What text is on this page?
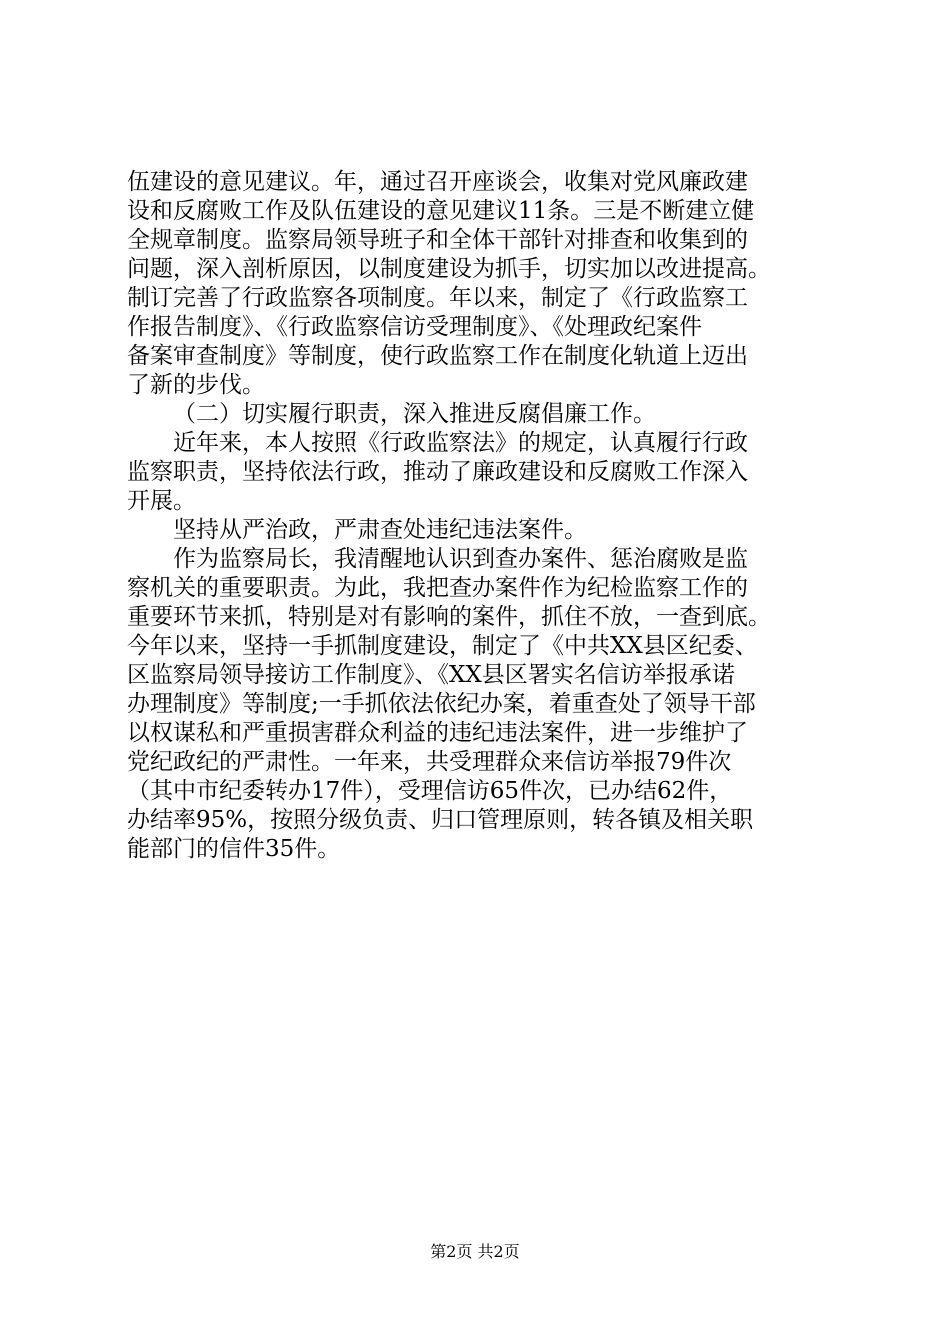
伍建设的意见建议。年，通过召开座谈会，收集对党风廉政建
设和反腐败工作及队伍建设的意见建议11条。三是不断建立健
全规章制度。监察局领导班子和全体干部针对排查和收集到的
问题，深入剖析原因，以制度建设为抓手，切实加以改进提高。
制订完善了行政监察各项制度。年以来，制定了《行政监察工
作报告制度》、《行政监察信访受理制度》、《处理政纪案件
备案审查制度》等制度，使行政监察工作在制度化轨道上迈出
了新的步伐。
（二）切实履行职责，深入推进反腐倡廉工作。
近年来，本人按照《行政监察法》的规定，认真履行行政
监察职责，坚持依法行政，推动了廉政建设和反腐败工作深入
开展。
坚持从严治政，严肃查处违纪违法案件。
作为监察局长，我清醒地认识到查办案件、惩治腐败是监
察机关的重要职责。为此，我把查办案件作为纪检监察工作的
重要环节来抓，特别是对有影响的案件，抓住不放，一查到底。
今年以来，坚持一手抓制度建设，制定了《中共XX县区纪委、
区监察局领导接访工作制度》、《XX县区署实名信访举报承诺
办理制度》等制度;一手抓依法依纪办案，着重查处了领导干部
以权谋私和严重损害群众利益的违纪违法案件，进一步维护了
党纪政纪的严肃性。一年来，共受理群众来信访举报79件次
（其中市纪委转办17件），受理信访65件次，已办结62件，
办结率95%，按照分级负责、归口管理原则，转各镇及相关职
能部门的信件35件。
第2页 共2页
